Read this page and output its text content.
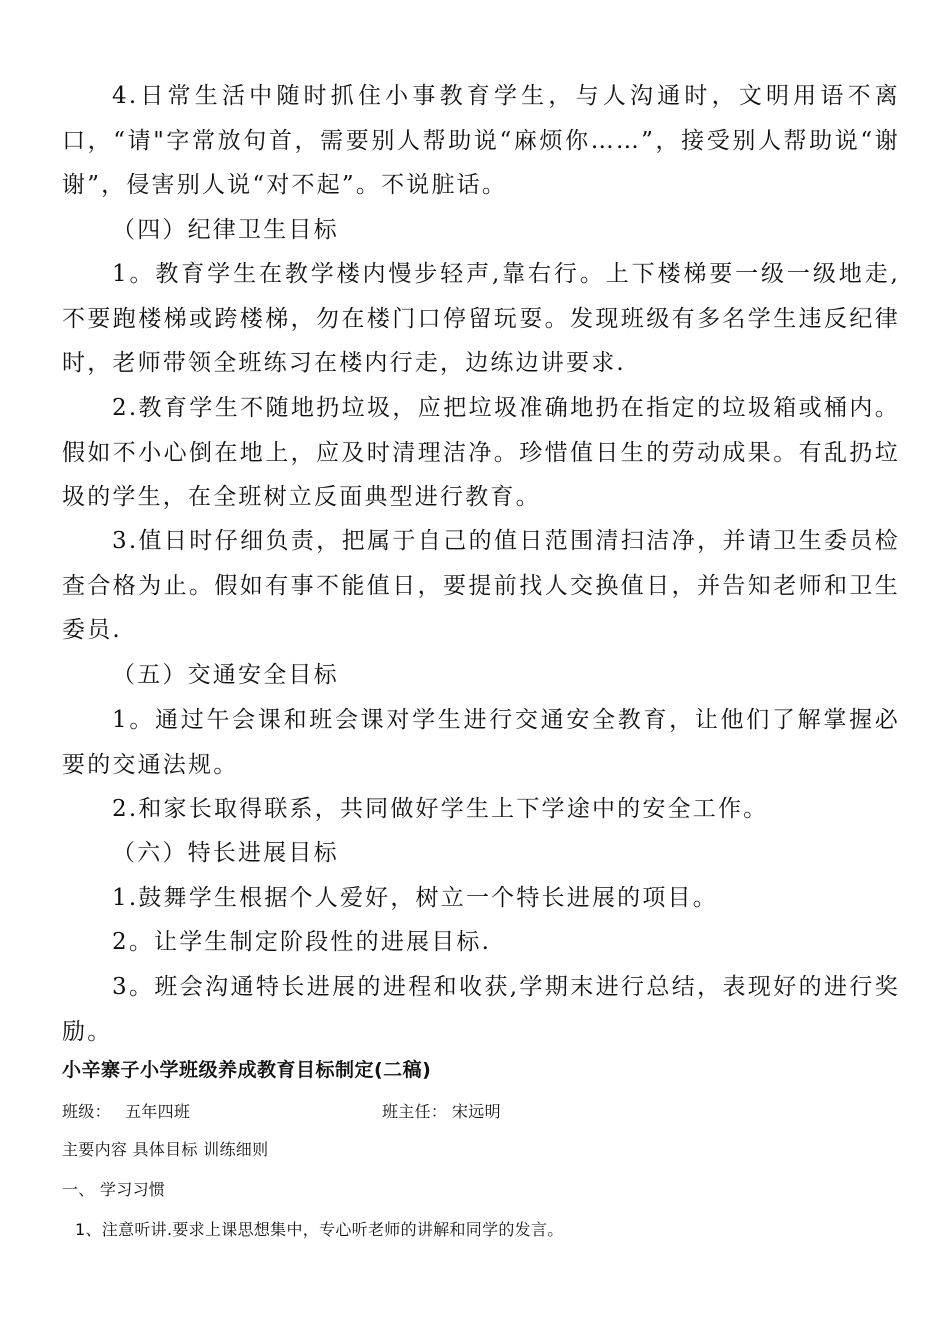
4.日常生活中随时抓住小事教育学生，与人沟通时，文明用语不离口，“请"字常放句首，需要别人帮助说“麻烦你……”，接受别人帮助说“谢谢”，侵害别人说“对不起”。不说脏话。

（四）纪律卫生目标

1。教育学生在教学楼内慢步轻声,靠右行。上下楼梯要一级一级地走,不要跑楼梯或跨楼梯，勿在楼门口停留玩耍。发现班级有多名学生违反纪律时，老师带领全班练习在楼内行走，边练边讲要求.

2.教育学生不随地扔垃圾，应把垃圾准确地扔在指定的垃圾箱或桶内。假如不小心倒在地上，应及时清理洁净。珍惜值日生的劳动成果。有乱扔垃圾的学生，在全班树立反面典型进行教育。

3.值日时仔细负责，把属于自己的值日范围清扫洁净，并请卫生委员检查合格为止。假如有事不能值日，要提前找人交换值日，并告知老师和卫生委员.

（五）交通安全目标

1。通过午会课和班会课对学生进行交通安全教育，让他们了解掌握必要的交通法规。

2.和家长取得联系，共同做好学生上下学途中的安全工作。

（六）特长进展目标

1.鼓舞学生根据个人爱好，树立一个特长进展的项目。

2。让学生制定阶段性的进展目标.

3。班会沟通特长进展的进程和收获,学期末进行总结，表现好的进行奖励。

小辛寨子小学班级养成教育目标制定(二稿)

班级： 五年四班	班主任： 宋远明

主要内容 具体目标 训练细则

一、 学习习惯

1、注意听讲.要求上课思想集中，专心听老师的讲解和同学的发言。
